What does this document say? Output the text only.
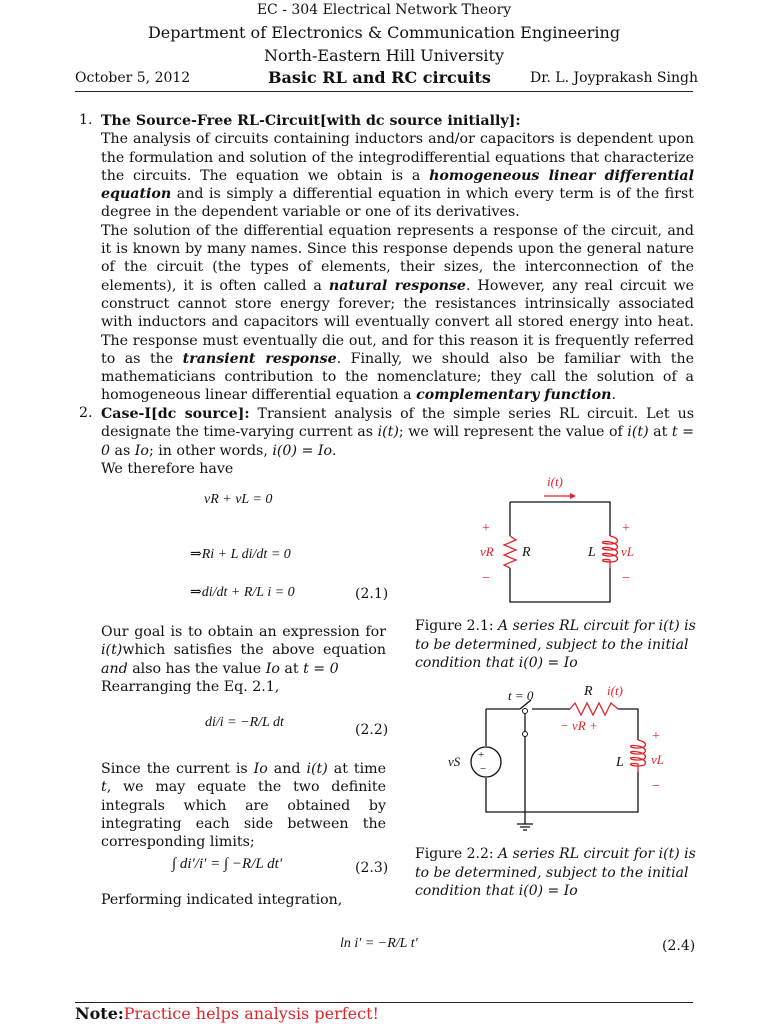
EC - 304 Electrical Network Theory
Department of Electronics & Communication Engineering
North-Eastern Hill University
October 5, 2012	Basic RL and RC circuits	Dr. L. Joyprakash Singh
1. The Source-Free RL-Circuit[with dc source initially]:
The analysis of circuits containing inductors and/or capacitors is dependent upon the formulation and solution of the integrodifferential equations that characterize the circuits. The equation we obtain is a homogeneous linear differential equation and is simply a differential equation in which every term is of the first degree in the dependent variable or one of its derivatives.
The solution of the differential equation represents a response of the circuit, and it is known by many names. Since this response depends upon the general nature of the circuit (the types of elements, their sizes, the interconnection of the elements), it is often called a natural response. However, any real circuit we construct cannot store energy forever; the resistances intrinsically associated with inductors and capacitors will eventually convert all stored energy into heat. The response must eventually die out, and for this reason it is frequently referred to as the transient response. Finally, we should also be familiar with the mathematicians contribution to the nomenclature; they call the solution of a homogeneous linear differential equation a complementary function.
2. Case-I[dc source]: Transient analysis of the simple series RL circuit. Let us designate the time-varying current as i(t); we will represent the value of i(t) at t = 0 as Io; in other words, i(0) = Io.
We therefore have
vR + vL = 0
⇒Ri + L di/dt = 0
⇒di/dt + R/L i = 0	(2.1)
Our goal is to obtain an expression for i(t)which satisfies the above equation and also has the value Io at t = 0
Rearranging the Eq. 2.1,
di/i = −R/L dt	(2.2)
Since the current is Io and i(t) at time t, we may equate the two definite integrals which are obtained by integrating each side between the corresponding limits;
∫ di′/i′ = ∫ −R/L dt′	(2.3)
Performing indicated integration,
ln i′ = −R/L t′	(2.4)
i(t)
+
vR
−
R	L
+
vL
−
Figure 2.1: A series RL circuit for i(t) is to be determined, subject to the initial condition that i(0) = Io
+
−
t = 0	R i(t)
− vR +
vS	L
+
vL
−
Figure 2.2: A series RL circuit for i(t) is to be determined, subject to the initial condition that i(0) = Io
Note:Practice helps analysis perfect!
